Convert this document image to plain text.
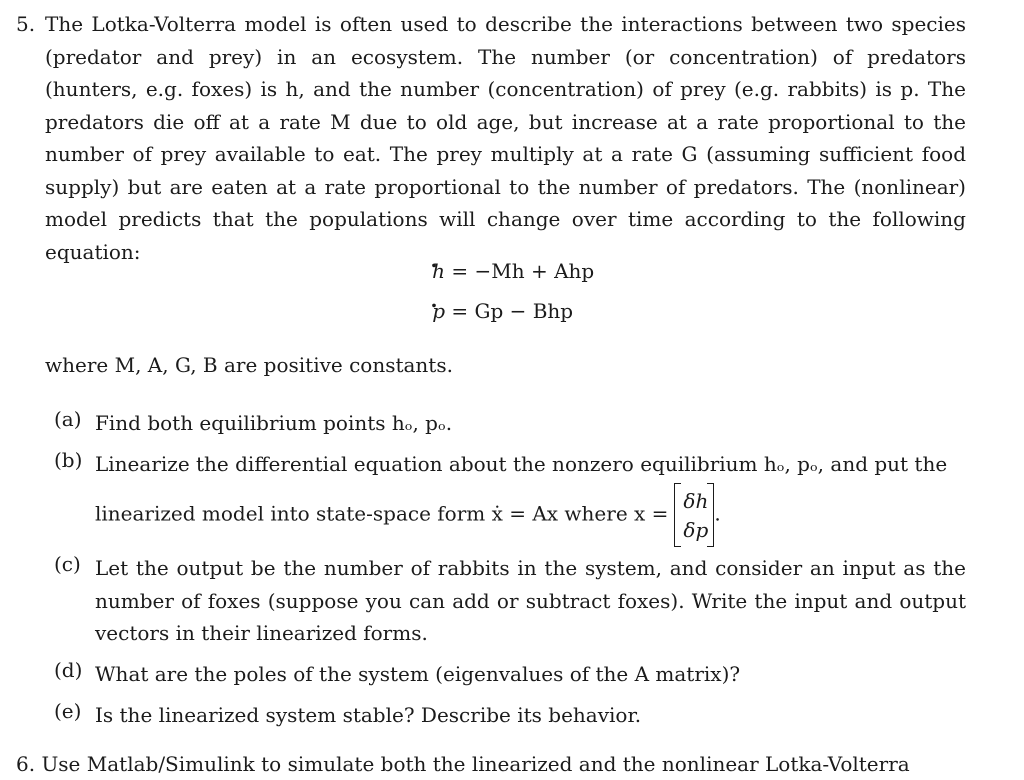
5. The Lotka-Volterra model is often used to describe the interactions between two species (predator and prey) in an ecosystem. The number (or concentration) of predators (hunters, e.g. foxes) is h, and the number (concentration) of prey (e.g. rabbits) is p. The predators die off at a rate M due to old age, but increase at a rate proportional to the number of prey available to eat. The prey multiply at a rate G (assuming sufficient food supply) but are eaten at a rate proportional to the number of predators. The (nonlinear) model predicts that the populations will change over time according to the following equation:

. h = −Mh + Ahp
. p = Gp − Bhp

where M, A, G, B are positive constants.

(a) Find both equilibrium points hₒ, pₒ.

(b) Linearize the differential equation about the nonzero equilibrium hₒ, pₒ, and put the
linearized model into state-space form ẋ = Ax where x =
δh
δp
.
(c) Let the output be the number of rabbits in the system, and consider an input as the number of foxes (suppose you can add or subtract foxes). Write the input and output vectors in their linearized forms.

(d) What are the poles of the system (eigenvalues of the A matrix)?

(e) Is the linearized system stable? Describe its behavior.

6. Use Matlab/Simulink to simulate both the linearized and the nonlinear Lotka-Volterra
